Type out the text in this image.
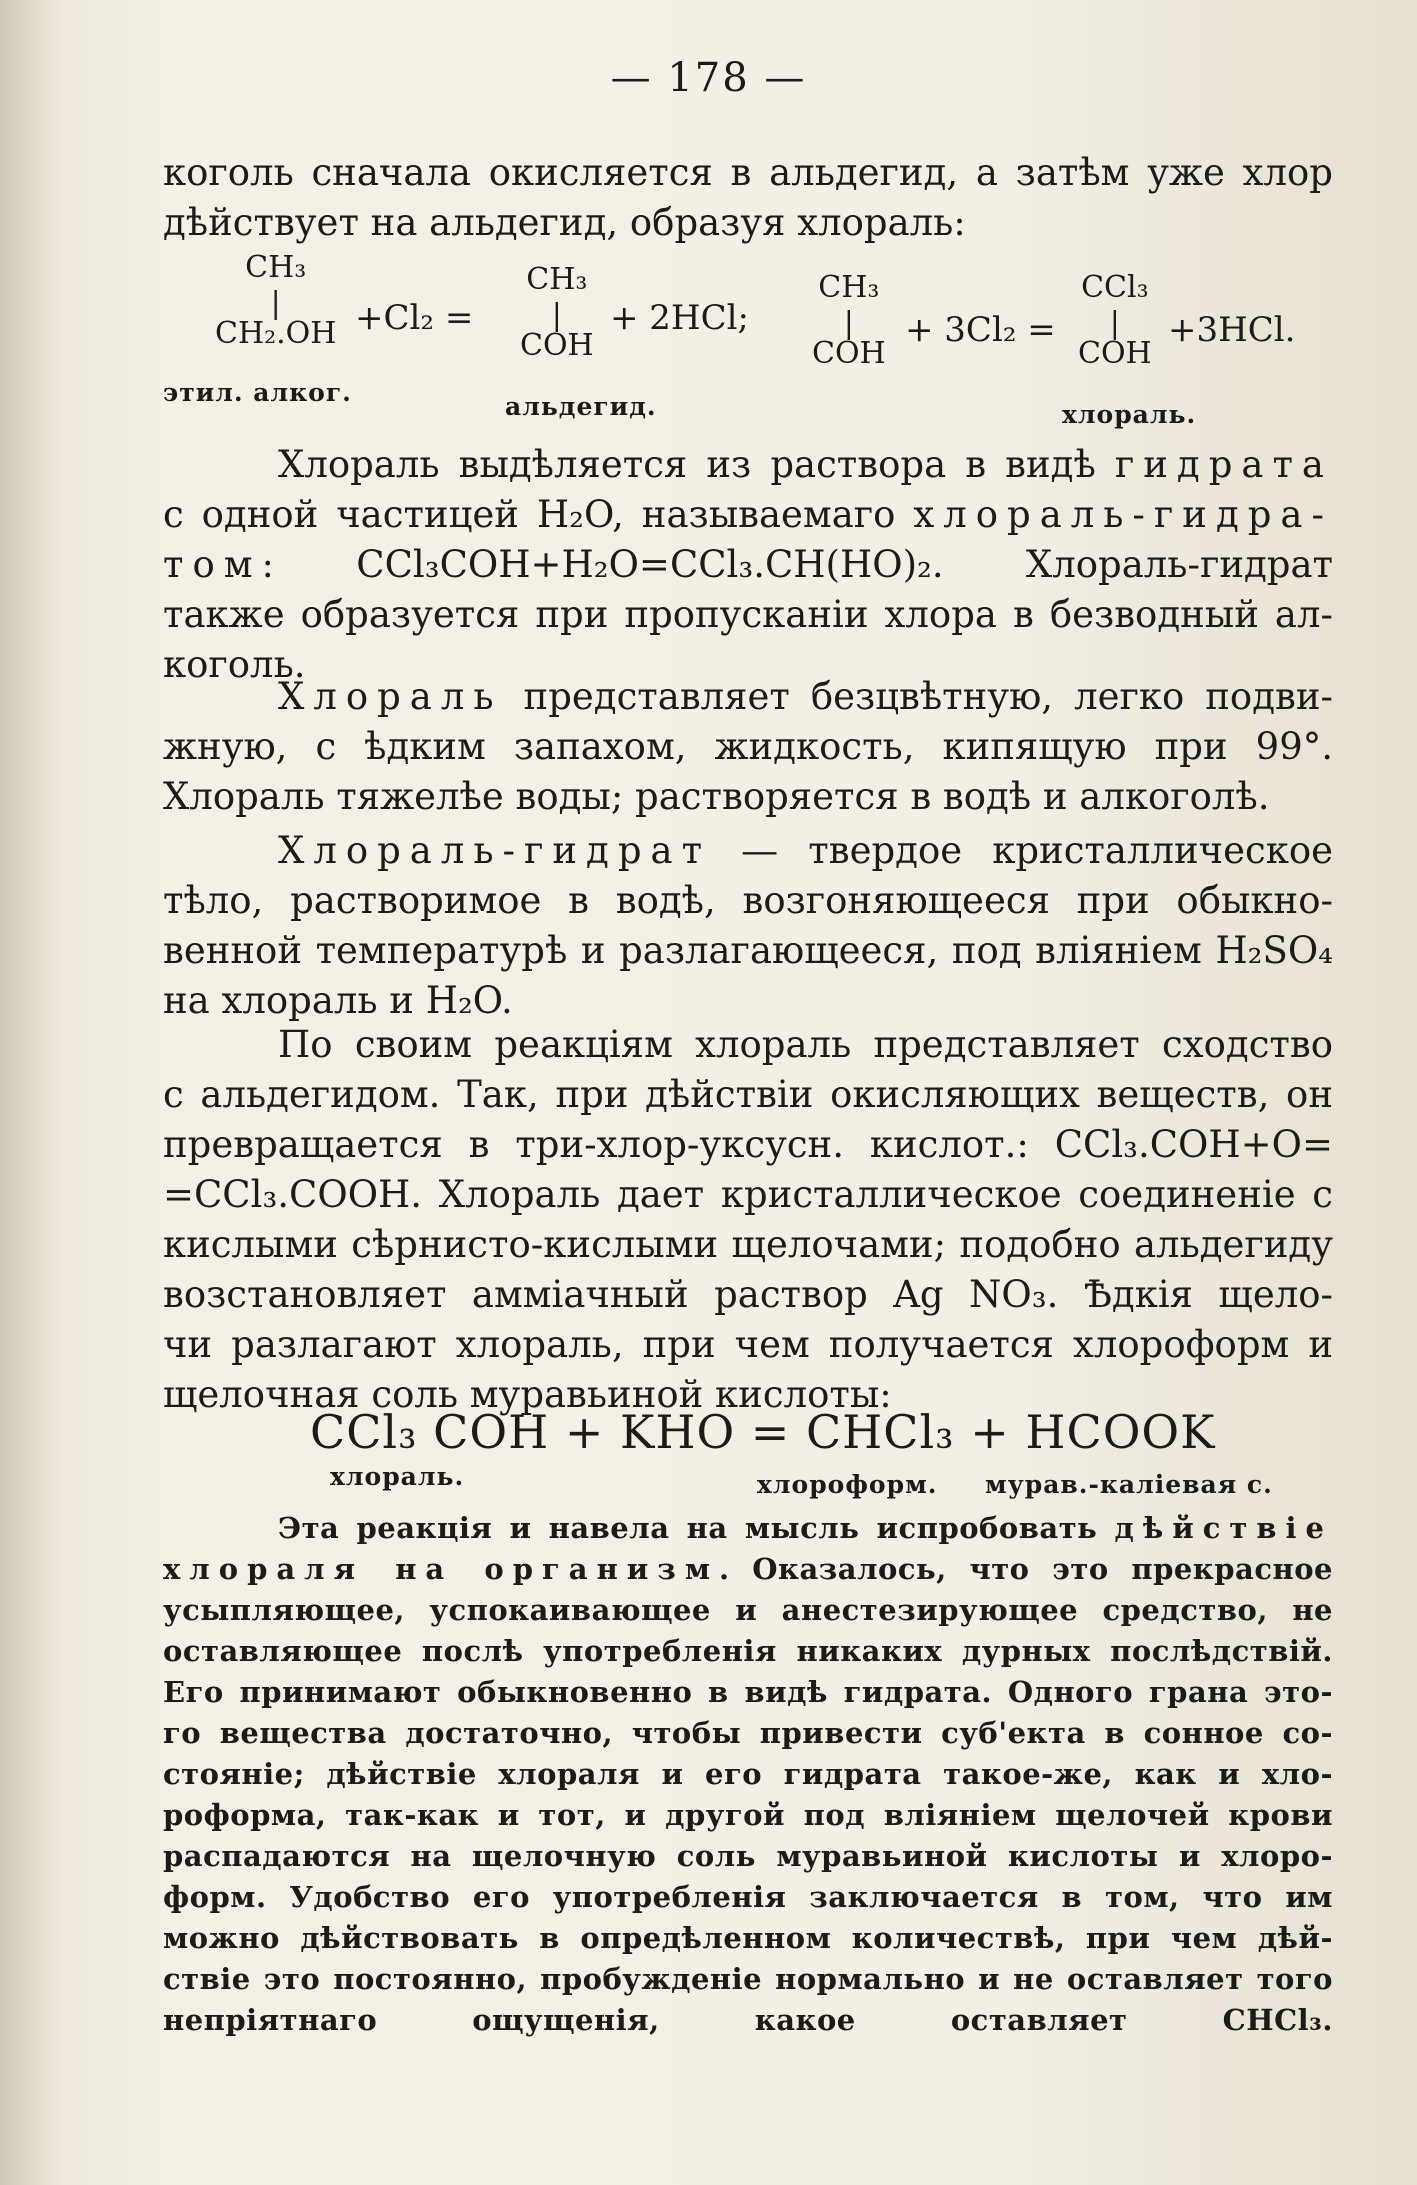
— 178 —
коголь сначала окисляется в альдегид, а затѣм уже хлор
дѣйствует на альдегид, образуя хлораль:
CH₃
|
CH₂.OH +Cl₂ =
CH₃
|
COH
+ 2HCl;
CH₃
|
COH
+ 3Cl₂ =
CCl₃
|
COH
+3HCl.
этил. алког.	альдегид.	хлораль.
Хлораль выдѣляется из раствора в видѣ гидрата
с одной частицей H₂O, называемаго хлораль-гидра-
том: CCl₃COH+H₂O=CCl₃.CH(HO)₂. Хлораль-гидрат
также образуется при пропусканіи хлора в безводный ал-
коголь.
Хлораль представляет безцвѣтную, легко подви-
жную, с ѣдким запахом, жидкость, кипящую при 99°.
Хлораль тяжелѣе воды; растворяется в водѣ и алкоголѣ.
Хлораль-гидрат — твердое кристаллическое
тѣло, растворимое в водѣ, возгоняющееся при обыкно-
венной температурѣ и разлагающееся, под вліяніем H₂SO₄
на хлораль и H₂O.
По своим реакціям хлораль представляет сходство
с альдегидом. Так, при дѣйствіи окисляющих веществ, он
превращается в три-хлор-уксусн. кислот.: CCl₃.COH+O=
=CCl₃.COOH. Хлораль дает кристаллическое соединеніе с
кислыми сѣрнисто-кислыми щелочами; подобно альдегиду
возстановляет амміачный раствор Ag NO₃. Ѣдкія щело-
чи разлагают хлораль, при чем получается хлороформ и
щелочная соль муравьиной кислоты:
CCl₃ COH + KHO = CHCl₃ + HCOOK
хлораль.	хлороформ. мурав.-каліевая с.
Эта реакція и навела на мысль испробовать дѣйствіе
хлораля на организм. Оказалось, что это прекрасное
усыпляющее, успокаивающее и анестезирующее средство, не
оставляющее послѣ употребленія никаких дурных послѣдствій.
Его принимают обыкновенно в видѣ гидрата. Одного грана это-
го вещества достаточно, чтобы привести суб'екта в сонное со-
стояніе; дѣйствіе хлораля и его гидрата такое-же, как и хло-
роформа, так-как и тот, и другой под вліяніем щелочей крови
распадаются на щелочную соль муравьиной кислоты и хлоро-
форм. Удобство его употребленія заключается в том, что им
можно дѣйствовать в опредѣленном количествѣ, при чем дѣй-
ствіе это постоянно, пробужденіе нормально и не оставляет того
непріятнаго ощущенія, какое оставляет CHCl₃.
